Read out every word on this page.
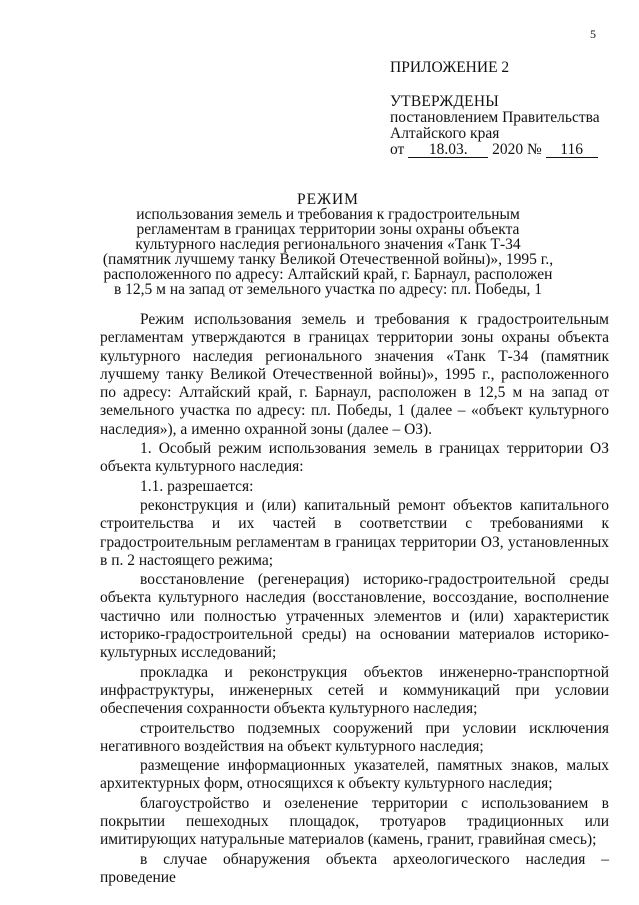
5
ПРИЛОЖЕНИЕ 2
УТВЕРЖДЕНЫ
постановлением Правительства
Алтайского края
от 18.03. 2020 № 116
РЕЖИМ
использования земель и требования к градостроительным регламентам в границах территории зоны охраны объекта культурного наследия регионального значения «Танк Т-34 (памятник лучшему танку Великой Отечественной войны)», 1995 г., расположенного по адресу: Алтайский край, г. Барнаул, расположен в 12,5 м на запад от земельного участка по адресу: пл. Победы, 1

Режим использования земель и требования к градостроительным регламентам утверждаются в границах территории зоны охраны объекта культурного наследия регионального значения «Танк Т-34 (памятник лучшему танку Великой Отечественной войны)», 1995 г., расположенного по адресу: Алтайский край, г. Барнаул, расположен в 12,5 м на запад от земельного участка по адресу: пл. Победы, 1 (далее – «объект культурного наследия»), а именно охранной зоны (далее – ОЗ).

1. Особый режим использования земель в границах территории ОЗ объекта культурного наследия:

1.1. разрешается:

реконструкция и (или) капитальный ремонт объектов капитального строительства и их частей в соответствии с требованиями к градостроительным регламентам в границах территории ОЗ, установленных в п. 2 настоящего режима;

восстановление (регенерация) историко-градостроительной среды объекта культурного наследия (восстановление, воссоздание, восполнение частично или полностью утраченных элементов и (или) характеристик историко-градостроительной среды) на основании материалов историко-культурных исследований;

прокладка и реконструкция объектов инженерно-транспортной инфраструктуры, инженерных сетей и коммуникаций при условии обеспечения сохранности объекта культурного наследия;

строительство подземных сооружений при условии исключения негативного воздействия на объект культурного наследия;

размещение информационных указателей, памятных знаков, малых архитектурных форм, относящихся к объекту культурного наследия;

благоустройство и озеленение территории с использованием в покрытии пешеходных площадок, тротуаров традиционных или имитирующих натуральные материалов (камень, гранит, гравийная смесь);

в случае обнаружения объекта археологического наследия – проведение
